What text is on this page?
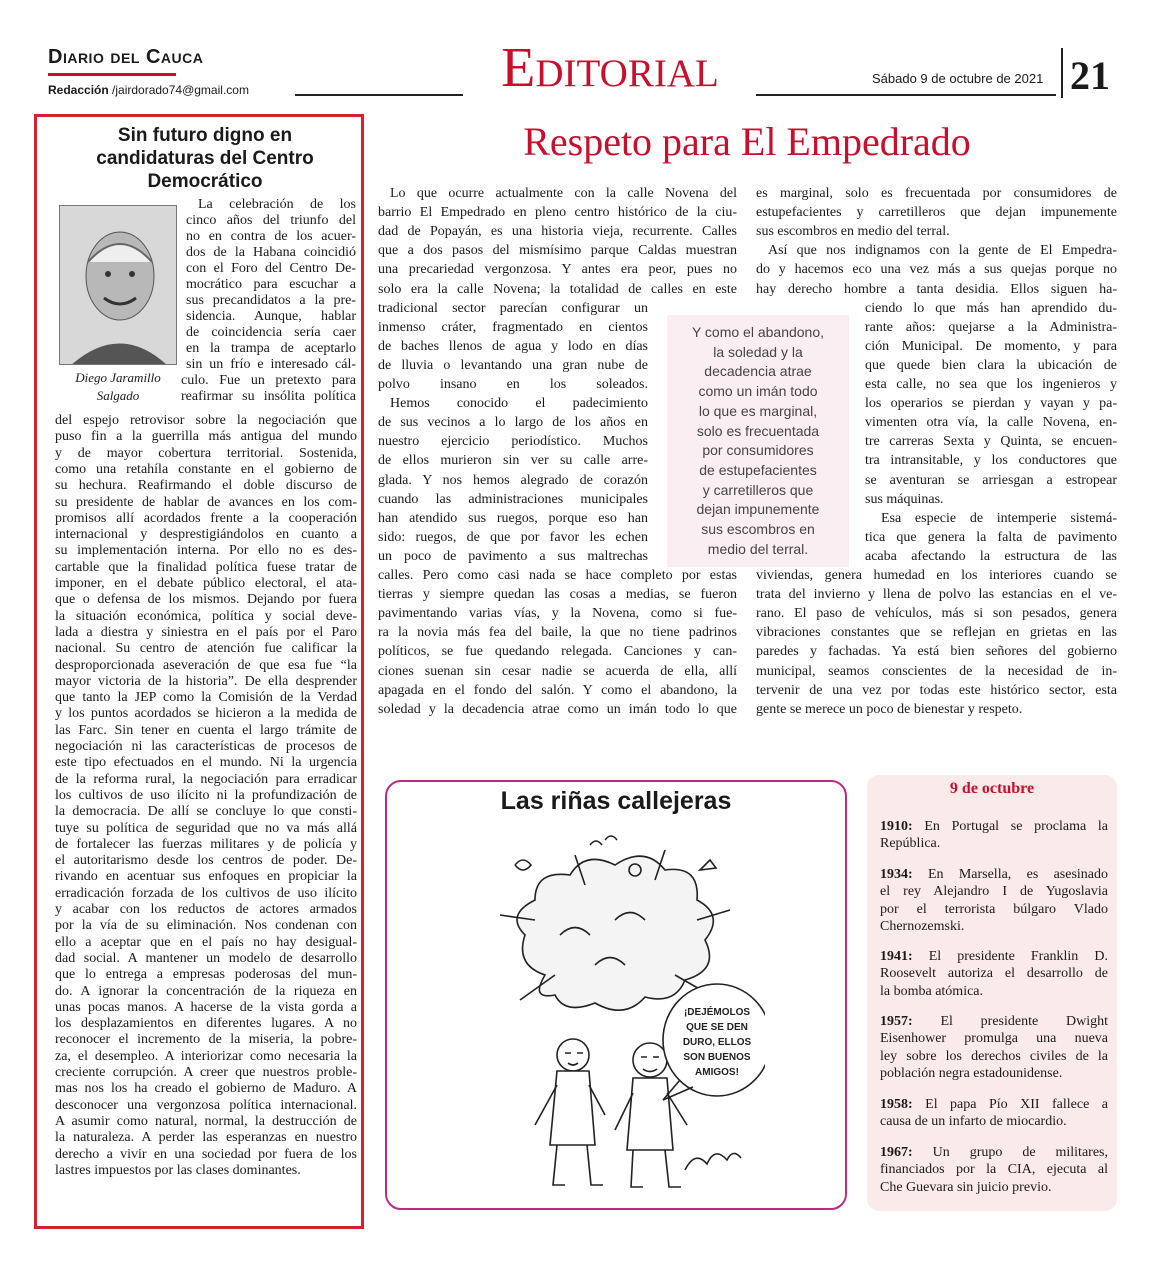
Diario del Cauca
Redacción /jairdorado74@gmail.com	Editorial	Sábado 9 de octubre de 2021 21
Sin futuro digno en candidaturas del Centro Democrático
Diego Jaramillo
Salgado
La celebración de los
cinco años del triunfo del
no en contra de los acuer-
dos de la Habana coincidió
con el Foro del Centro De-
mocrático para escuchar a
sus precandidatos a la pre-
sidencia. Aunque, hablar
de coincidencia sería caer
en la trampa de aceptarlo
sin un frío e interesado cál-
culo. Fue un pretexto para
reafirmar su insólita política
del espejo retrovisor sobre la negociación que
puso fin a la guerrilla más antigua del mundo
y de mayor cobertura territorial. Sostenida,
como una retahíla constante en el gobierno de
su hechura. Reafirmando el doble discurso de
su presidente de hablar de avances en los com-
promisos allí acordados frente a la cooperación
internacional y desprestigiándolos en cuanto a
su implementación interna. Por ello no es des-
cartable que la finalidad política fuese tratar de
imponer, en el debate público electoral, el ata-
que o defensa de los mismos. Dejando por fuera
la situación económica, política y social deve-
lada a diestra y siniestra en el país por el Paro
nacional. Su centro de atención fue calificar la
desproporcionada aseveración de que esa fue “la
mayor victoria de la historia”. De ella desprender
que tanto la JEP como la Comisión de la Verdad
y los puntos acordados se hicieron a la medida de
las Farc. Sin tener en cuenta el largo trámite de
negociación ni las características de procesos de
este tipo efectuados en el mundo. Ni la urgencia
de la reforma rural, la negociación para erradicar
los cultivos de uso ilícito ni la profundización de
la democracia. De allí se concluye lo que consti-
tuye su política de seguridad que no va más allá
de fortalecer las fuerzas militares y de policía y
el autoritarismo desde los centros de poder. De-
rivando en acentuar sus enfoques en propiciar la
erradicación forzada de los cultivos de uso ilícito
y acabar con los reductos de actores armados
por la vía de su eliminación. Nos condenan con
ello a aceptar que en el país no hay desigual-
dad social. A mantener un modelo de desarrollo
que lo entrega a empresas poderosas del mun-
do. A ignorar la concentración de la riqueza en
unas pocas manos. A hacerse de la vista gorda a
los desplazamientos en diferentes lugares. A no
reconocer el incremento de la miseria, la pobre-
za, el desempleo. A interiorizar como necesaria la
creciente corrupción. A creer que nuestros proble-
mas nos los ha creado el gobierno de Maduro. A
desconocer una vergonzosa política internacional.
A asumir como natural, normal, la destrucción de
la naturaleza. A perder las esperanzas en nuestro
derecho a vivir en una sociedad por fuera de los
lastres impuestos por las clases dominantes.
Respeto para El Empedrado
Lo que ocurre actualmente con la calle Novena del
barrio El Empedrado en pleno centro histórico de la ciu-
dad de Popayán, es una historia vieja, recurrente. Calles
que a dos pasos del mismísimo parque Caldas muestran
una precariedad vergonzosa. Y antes era peor, pues no
solo era la calle Novena; la totalidad de calles en este
tradicional sector parecían configurar un
inmenso cráter, fragmentado en cientos
de baches llenos de agua y lodo en días
de lluvia o levantando una gran nube de
polvo insano en los soleados.
Hemos conocido el padecimiento
de sus vecinos a lo largo de los años en
nuestro ejercicio periodístico. Muchos
de ellos murieron sin ver su calle arre-
glada. Y nos hemos alegrado de corazón
cuando las administraciones municipales
han atendido sus ruegos, porque eso han
sido: ruegos, de que por favor les echen
un poco de pavimento a sus maltrechas
calles. Pero como casi nada se hace completo por estas
tierras y siempre quedan las cosas a medias, se fueron
pavimentando varias vías, y la Novena, como si fue-
ra la novia más fea del baile, la que no tiene padrinos
políticos, se fue quedando relegada. Canciones y can-
ciones suenan sin cesar nadie se acuerda de ella, allí
apagada en el fondo del salón. Y como el abandono, la
soledad y la decadencia atrae como un imán todo lo que
es marginal, solo es frecuentada por consumidores de
estupefacientes y carretilleros que dejan impunemente
sus escombros en medio del terral.
Así que nos indignamos con la gente de El Empedra-
do y hacemos eco una vez más a sus quejas porque no
hay derecho hombre a tanta desidia. Ellos siguen ha-
ciendo lo que más han aprendido du-
rante años: quejarse a la Administra-
ción Municipal. De momento, y para
que quede bien clara la ubicación de
esta calle, no sea que los ingenieros y
los operarios se pierdan y vayan y pa-
vimenten otra vía, la calle Novena, en-
tre carreras Sexta y Quinta, se encuen-
tra intransitable, y los conductores que
se aventuran se arriesgan a estropear
sus máquinas.
Esa especie de intemperie sistemá-
tica que genera la falta de pavimento
acaba afectando la estructura de las
viviendas, genera humedad en los interiores cuando se
trata del invierno y llena de polvo las estancias en el ve-
rano. El paso de vehículos, más si son pesados, genera
vibraciones constantes que se reflejan en grietas en las
paredes y fachadas. Ya está bien señores del gobierno
municipal, seamos conscientes de la necesidad de in-
tervenir de una vez por todas este histórico sector, esta
gente se merece un poco de bienestar y respeto.
Y como el abandono,
la soledad y la
decadencia atrae
como un imán todo
lo que es marginal,
solo es frecuentada
por consumidores
de estupefacientes
y carretilleros que
dejan impunemente
sus escombros en
medio del terral.
Las riñas callejeras
¡DEJÉMOLOS
QUE SE DEN
DURO, ELLOS
SON BUENOS
AMIGOS!
9 de octubre
1910: En Portugal se proclama la
República.
1934: En Marsella, es asesinado
el rey Alejandro I de Yugoslavia
por el terrorista búlgaro Vlado
Chernozemski.
1941: El presidente Franklin D.
Roosevelt autoriza el desarrollo de
la bomba atómica.
1957: El presidente Dwight
Eisenhower promulga una nueva
ley sobre los derechos civiles de la
población negra estadounidense.
1958: El papa Pío XII fallece a
causa de un infarto de miocardio.
1967: Un grupo de militares,
financiados por la CIA, ejecuta al
Che Guevara sin juicio previo.
